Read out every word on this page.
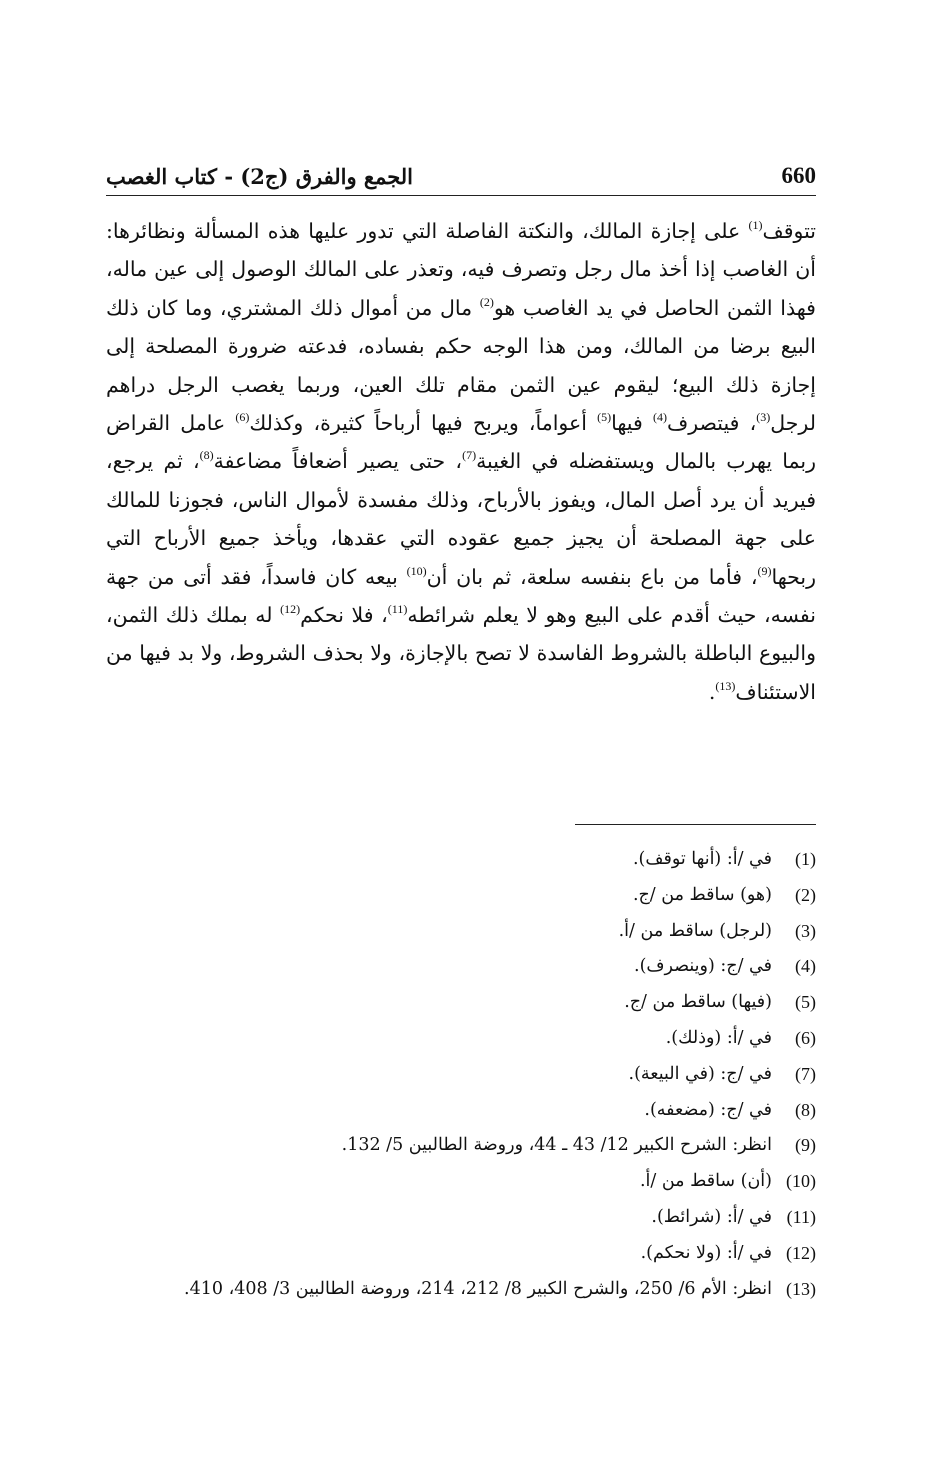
660
الجمع والفرق (ج2) - كتاب الغصب

تتوقف$^{(1)}$ على إجازة المالك، والنكتة الفاصلة التي تدور عليها هذه المسألة ونظائرها: أن الغاصب إذا أخذ مال رجل وتصرف فيه، وتعذر على المالك الوصول إلى عين ماله، فهذا الثمن الحاصل في يد الغاصب هو$^{(2)}$ مال من أموال ذلك المشتري، وما كان ذلك البيع برضا من المالك، ومن هذا الوجه حكم بفساده، فدعته ضرورة المصلحة إلى إجازة ذلك البيع؛ ليقوم عين الثمن مقام تلك العين، وربما يغصب الرجل دراهم لرجل$^{(3)}$، فيتصرف$^{(4)}$ فيها$^{(5)}$ أعواماً، ويربح فيها أرباحاً كثيرة، وكذلك$^{(6)}$ عامل القراض ربما يهرب بالمال ويستفضله في الغيبة$^{(7)}$، حتى يصير أضعافاً مضاعفة$^{(8)}$، ثم يرجع، فيريد أن يرد أصل المال، ويفوز بالأرباح، وذلك مفسدة لأموال الناس، فجوزنا للمالك على جهة المصلحة أن يجيز جميع عقوده التي عقدها، ويأخذ جميع الأرباح التي ربحها$^{(9)}$، فأما من باع بنفسه سلعة، ثم بان أن$^{(10)}$ بيعه كان فاسداً، فقد أتى من جهة نفسه، حيث أقدم على البيع وهو لا يعلم شرائطه$^{(11)}$، فلا نحكم$^{(12)}$ له بملك ذلك الثمن، والبيوع الباطلة بالشروط الفاسدة لا تصح بالإجازة، ولا بحذف الشروط، ولا بد فيها من الاستئناف$^{(13)}$.

(1)
في /أ: (أنها توقف).
(2)
(هو) ساقط من /ج.
(3)
(لرجل) ساقط من /أ.
(4)
في /ج: (وينصرف).
(5)
(فيها) ساقط من /ج.
(6)
في /أ: (وذلك).
(7)
في /ج: (في البيعة).
(8)
في /ج: (مضعفه).
(9)
انظر: الشرح الكبير 12/ 43 ـ 44، وروضة الطالبين 5/ 132.
(10)
(أن) ساقط من /أ.
(11)
في /أ: (شرائط).
(12)
في /أ: (ولا نحكم).
(13)
انظر: الأم 6/ 250، والشرح الكبير 8/ 212، 214، وروضة الطالبين 3/ 408، 410.
